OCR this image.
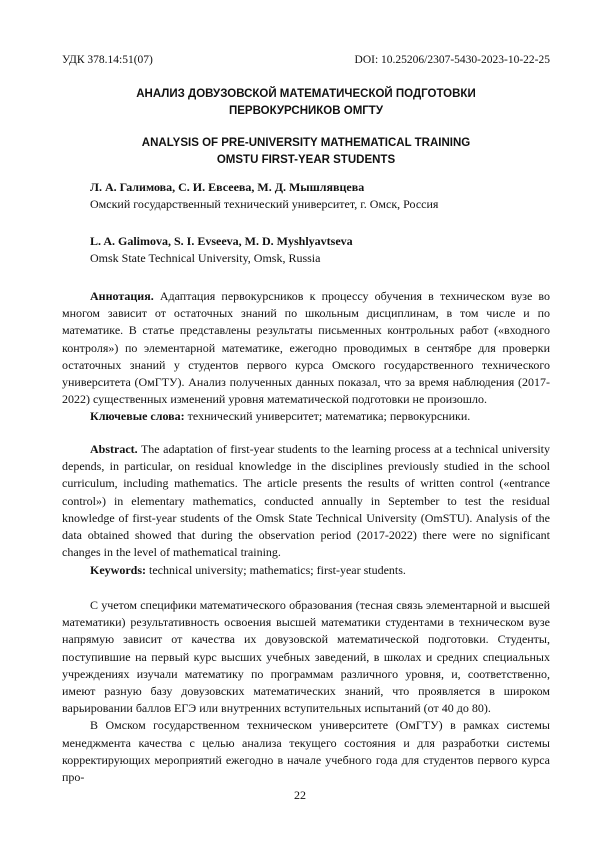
УДК 378.14:51(07)	DOI: 10.25206/2307-5430-2023-10-22-25
АНАЛИЗ ДОВУЗОВСКОЙ МАТЕМАТИЧЕСКОЙ ПОДГОТОВКИ
ПЕРВОКУРСНИКОВ ОМГТУ
ANALYSIS OF PRE-UNIVERSITY MATHEMATICAL TRAINING
OMSTU FIRST-YEAR STUDENTS
Л. А. Галимова, С. И. Евсеева, М. Д. Мышлявцева
Омский государственный технический университет, г. Омск, Россия
L. A. Galimova, S. I. Evseeva, M. D. Myshlyavtseva
Omsk State Technical University, Omsk, Russia

Аннотация. Адаптация первокурсников к процессу обучения в техническом вузе во многом зависит от остаточных знаний по школьным дисциплинам, в том числе и по математике. В статье представлены результаты письменных контрольных работ («входного контроля») по элементарной математике, ежегодно проводимых в сентябре для проверки остаточных знаний у студентов первого курса Омского государственного технического университета (ОмГТУ). Анализ полученных данных показал, что за время наблюдения (2017-2022) существенных изменений уровня математической подготовки не произошло.

Ключевые слова: технический университет; математика; первокурсники.

Abstract. The adaptation of first-year students to the learning process at a technical university depends, in particular, on residual knowledge in the disciplines previously studied in the school curriculum, including mathematics. The article presents the results of written control («entrance control») in elementary mathematics, conducted annually in September to test the residual knowledge of first-year students of the Omsk State Technical University (OmSTU). Analysis of the data obtained showed that during the observation period (2017-2022) there were no significant changes in the level of mathematical training.

Keywords: technical university; mathematics; first-year students.

С учетом специфики математического образования (тесная связь элементарной и высшей математики) результативность освоения высшей математики студентами в техническом вузе напрямую зависит от качества их довузовской математической подготовки. Студенты, поступившие на первый курс высших учебных заведений, в школах и средних специальных учреждениях изучали математику по программам различного уровня, и, соответственно, имеют разную базу довузовских математических знаний, что проявляется в широком варьировании баллов ЕГЭ или внутренних вступительных испытаний (от 40 до 80).

В Омском государственном техническом университете (ОмГТУ) в рамках системы менеджмента качества с целью анализа текущего состояния и для разработки системы корректирующих мероприятий ежегодно в начале учебного года для студентов первого курса про-

22
